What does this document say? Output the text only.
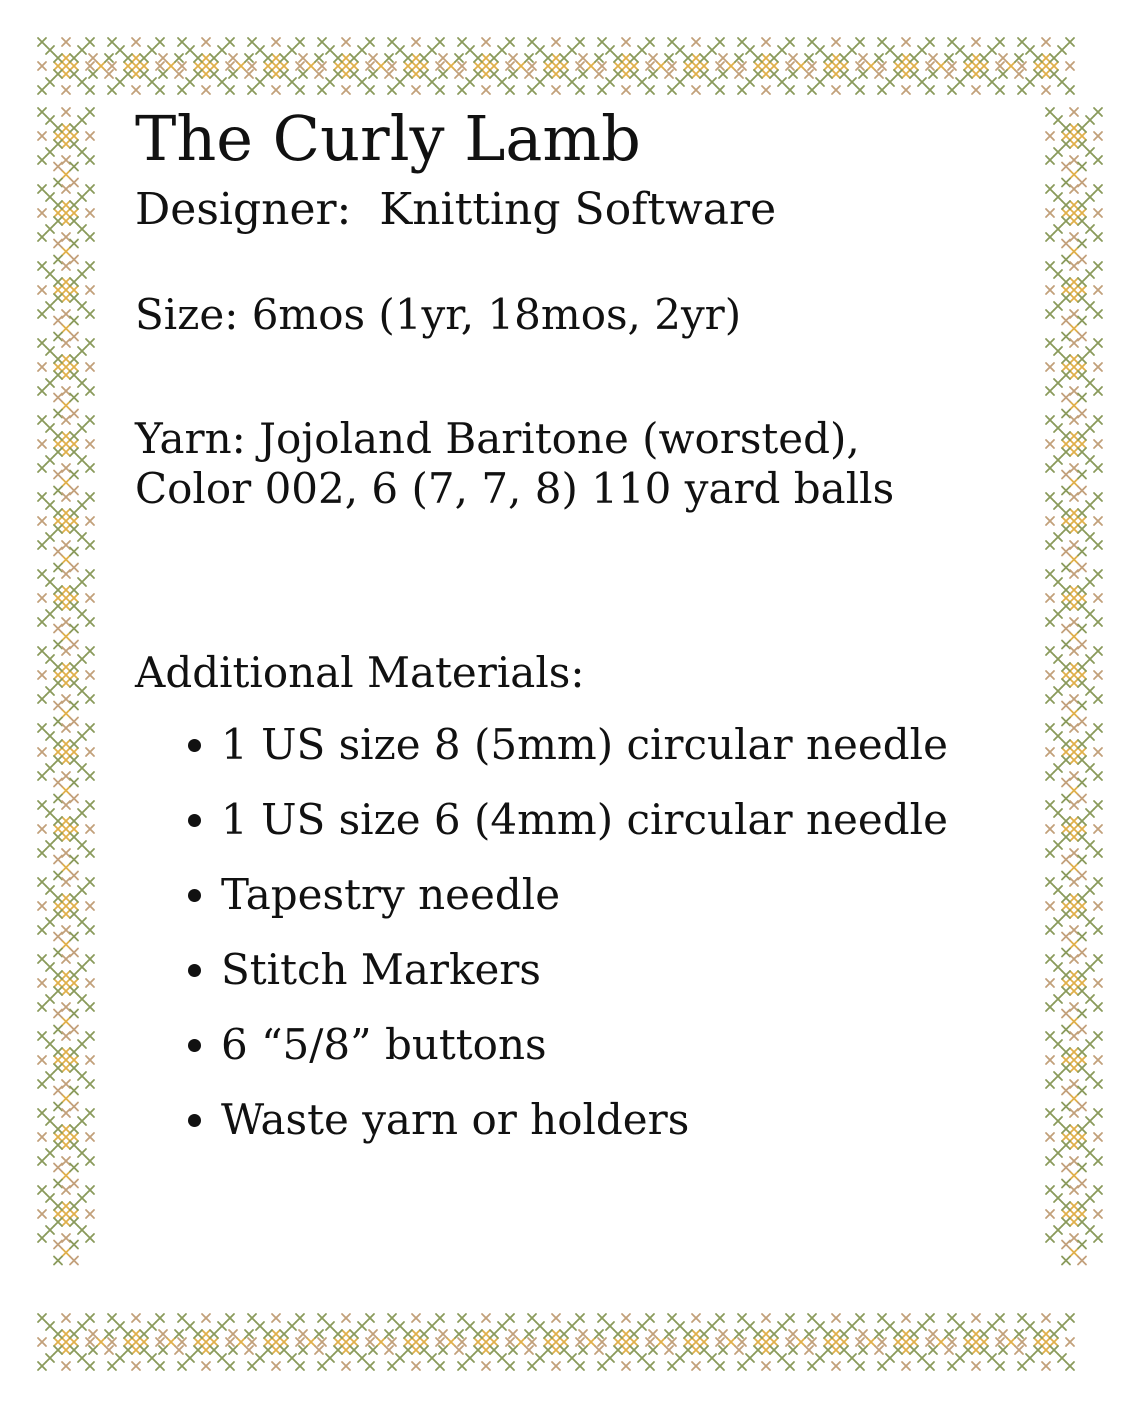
The Curly Lamb
Designer:  Knitting Software
Size: 6mos (1yr, 18mos, 2yr)
Yarn: Jojoland Baritone (worsted),
Color 002, 6 (7, 7, 8) 110 yard balls
Additional Materials:
• 1 US size 8 (5mm) circular needle
• 1 US size 6 (4mm) circular needle
• Tapestry needle
• Stitch Markers
• 6 “5/8” buttons
• Waste yarn or holders
